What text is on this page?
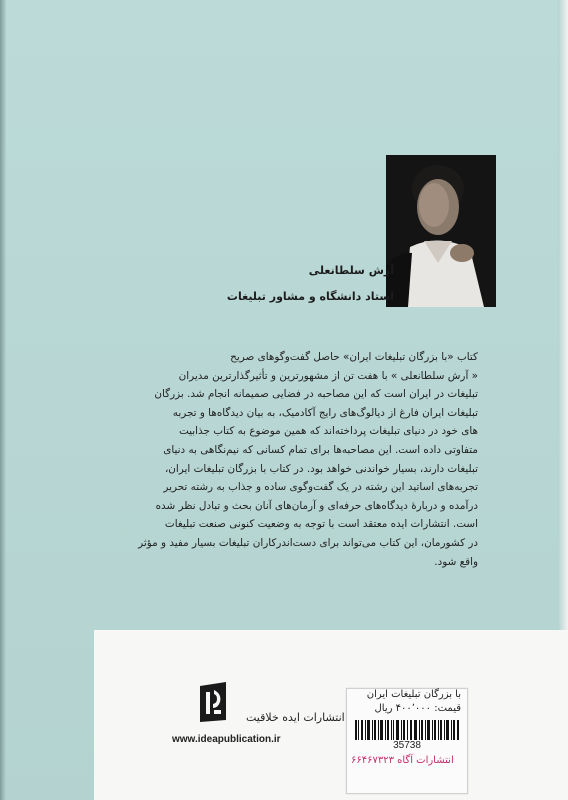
آرش سلطانعلی
استاد دانشگاه و مشاور تبلیغات

کتاب «با بزرگان تبلیغات ایران» حاصل گفت‌وگوهای صریح

« آرش سلطانعلی » با هفت تن از مشهورترین و تأثیرگذارترین مدیران

تبلیغات در ایران است که این مصاحبه در فضایی صمیمانه انجام شد. بزرگان

تبلیغات ایران فارغ از دیالوگ‌های رایج آکادمیک، به بیان دیدگاه‌ها و تجربه

های خود در دنیای تبلیغات پرداخته‌اند که همین موضوع به کتاب جذابیت

متفاوتی داده است. این مصاحبه‌ها برای تمام کسانی که نیم‌نگاهی به دنیای

تبلیغات دارند، بسیار خواندنی خواهد بود. در کتاب با بزرگان تبلیغات ایران،

تجربه‌های اساتید این رشته در یک گفت‌وگوی ساده و جذاب به رشته تحریر

درآمده و دربارهٔ دیدگاه‌های حرفه‌ای و آرمان‌های آنان بحث و تبادل نظر شده

است. انتشارات ایده معتقد است با توجه به وضعیت کنونی صنعت تبلیغات

در کشورمان، این کتاب می‌تواند برای دست‌اندرکاران تبلیغات بسیار مفید و مؤثر

واقع شود.

انتشارات ایده خلاقیت
www.ideapublication.ir
با بزرگان تبلیغات ایران
قیمت: ۴۰۰٬۰۰۰ ریال
35738
انتشارات آگاه ۶۶۴۶۷۳۲۳
